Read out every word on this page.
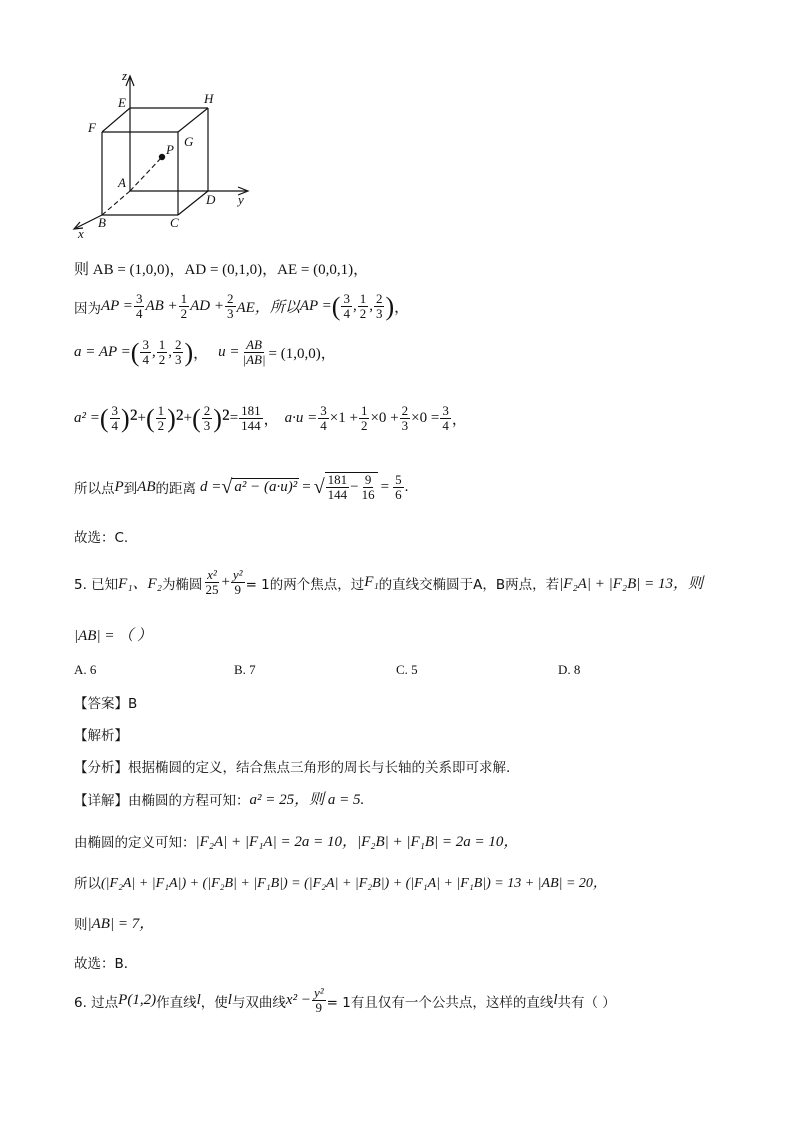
z
E	H
F
G
P
A
D y
B	C
x
则 AB = (1,0,0)，AD = (0,1,0)，AE = (0,0,1)，
因为 AP = $\frac{3}{4}$ AB + $\frac{1}{2}$ AD + $\frac{2}{3}$ AE，所以 AP = ( $\frac{3}{4}$ , $\frac{1}{2}$ , $\frac{2}{3}$ ) ，
a = AP = ( $\frac{3}{4}$ , $\frac{1}{2}$ , $\frac{2}{3}$ ) ， $u = \frac{AB}{|AB|} = (1,0,0)$，
a² = ( $\frac{3}{4} )^2$ + ( $\frac{1}{2} )^2$ + ( $\frac{2}{3} )^2 = \frac{181}{144}$ ， $a\cdot u = \frac{3}{4} \times 1 + \frac{1}{2} \times 0 + \frac{2}{3} \times 0 = \frac{3}{4}$ ，
所以点 P 到 AB 的距离 d = √ a² − (a·u)² = √ $\frac{181}{144} - \frac{9}{16} = \frac{5}{6}$ .
故选：C.
5. 已知 F₁、F₂ 为椭圆 $\frac{\text{x²}}{25} + \frac{\text{y²}}{9} = 1$的两个焦点，过 F₁ 的直线交椭圆于A，B两点，若 |F₂A| + |F₂B| = 13，则
|AB| = （ ）
A. 6	B. 7	C. 5	D. 8
【答案】B
【解析】
【分析】根据椭圆的定义，结合焦点三角形的周长与长轴的关系即可求解.
【详解】由椭圆的方程可知： a² = 25，则 a = 5.
由椭圆的定义可知： |F₂A| + |F₁A| = 2a = 10，|F₂B| + |F₁B| = 2a = 10，
所以 (|F₂A| + |F₁A|) + (|F₂B| + |F₁B|) = (|F₂A| + |F₂B|) + (|F₁A| + |F₁B|) = 13 + |AB| = 20，
则 |AB| = 7，
故选：B．
6. 过点 P(1,2) 作直线 l ，使 l 与双曲线 $x^2 - \frac{\text{y²}}{9} = 1$有且仅有一个公共点，这样的直线 l 共有（ ）
